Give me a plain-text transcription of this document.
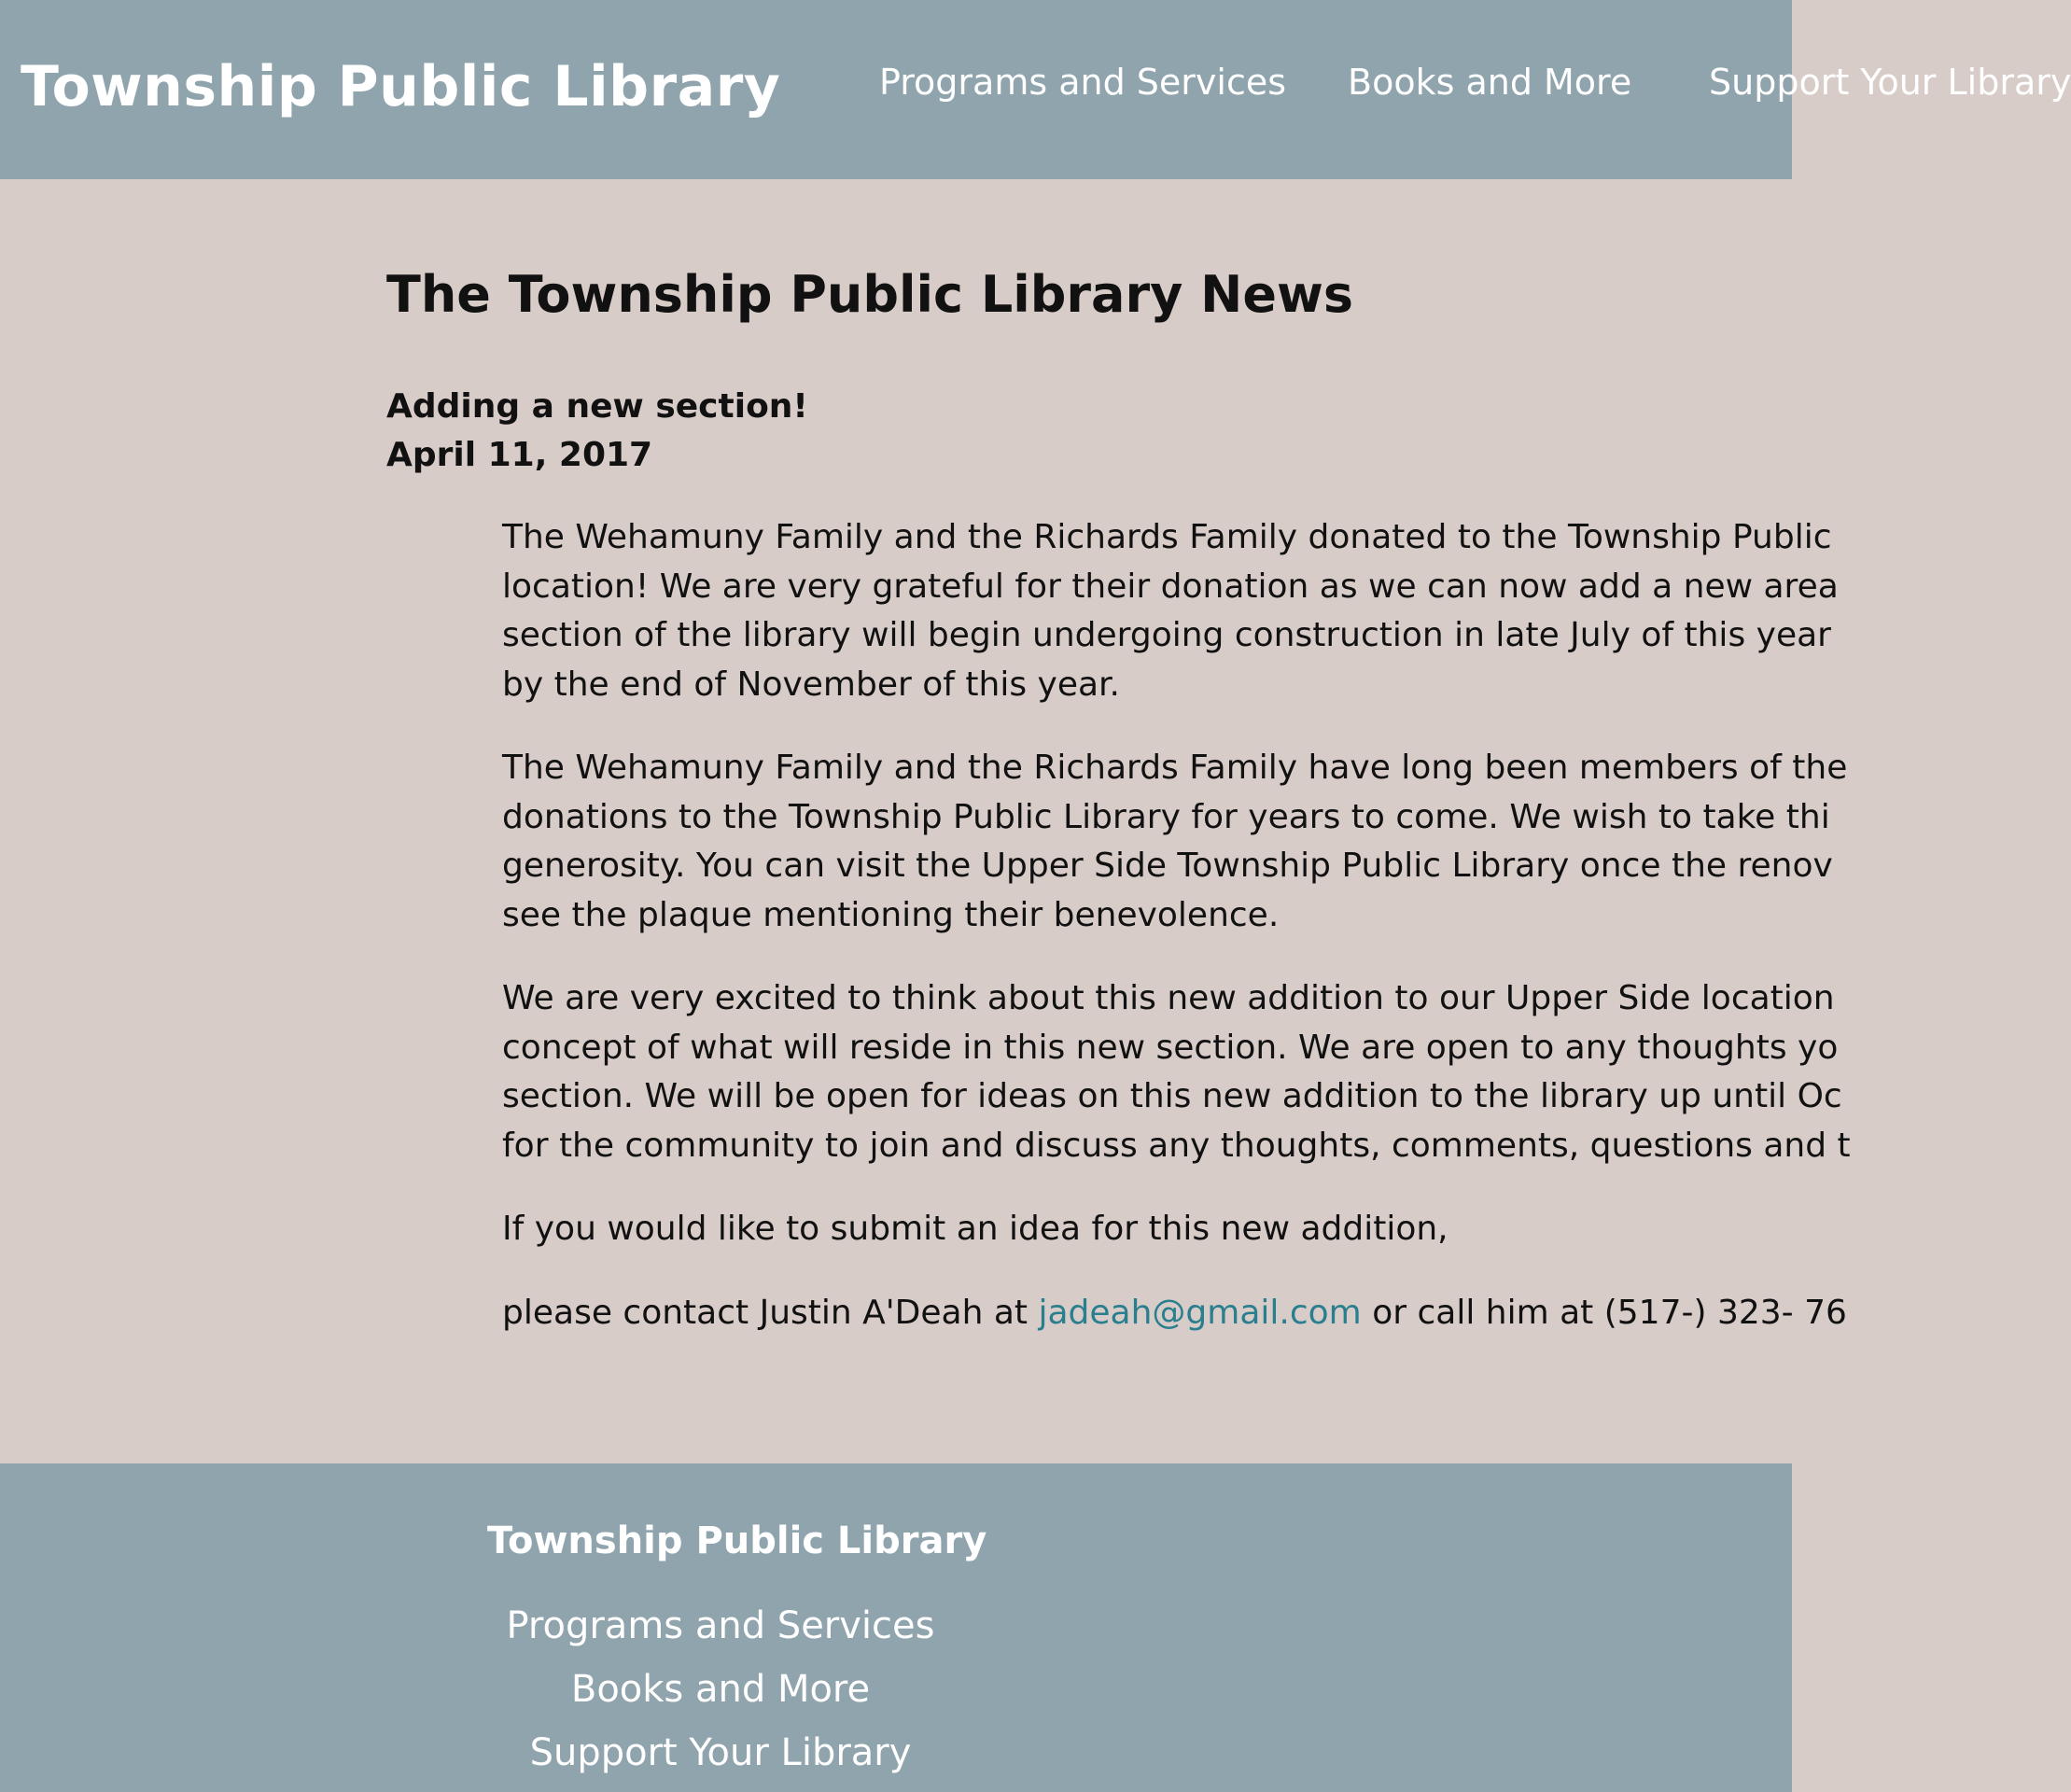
Township Public Library	Programs and Services Books and More Support Your Library
The Township Public Library News
Adding a new section!
April 11, 2017

The Wehamuny Family and the Richards Family donated to the Township Public
location! We are very grateful for their donation as we can now add a new area
section of the library will begin undergoing construction in late July of this year
by the end of November of this year.

The Wehamuny Family and the Richards Family have long been members of the
donations to the Township Public Library for years to come. We wish to take thi
generosity. You can visit the Upper Side Township Public Library once the renov
see the plaque mentioning their benevolence.

We are very excited to think about this new addition to our Upper Side location
concept of what will reside in this new section. We are open to any thoughts yo
section. We will be open for ideas on this new addition to the library up until Oc
for the community to join and discuss any thoughts, comments, questions and t

If you would like to submit an idea for this new addition,

please contact Justin A'Deah at jadeah@gmail.com or call him at (517-) 323- 76

Township Public Library
Programs and Services
Books and More
Support Your Library
